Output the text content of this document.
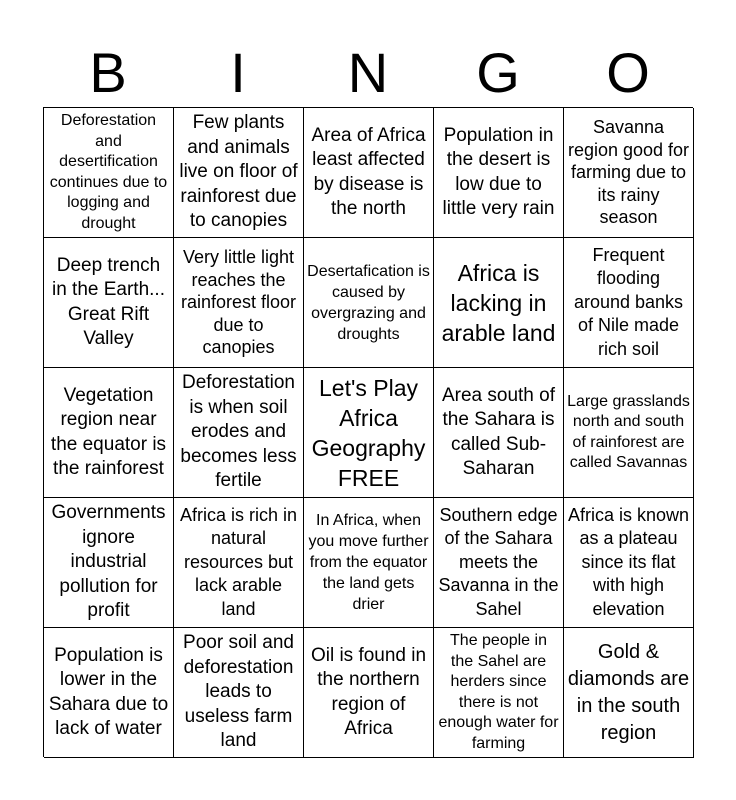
B	I	N	G	O
Deforestation and desertification continues due to logging and drought
Few plants and animals live on floor of rainforest due to canopies
Area of Africa least affected by disease is the north
Population in the desert is low due to little very rain
Savanna region good for farming due to its rainy season
Deep trench in the Earth... Great Rift Valley
Very little light reaches the rainforest floor due to canopies
Desertafication is caused by overgrazing and droughts
Africa is lacking in arable land
Frequent flooding around banks of Nile made rich soil
Vegetation region near the equator is the rainforest
Deforestation is when soil erodes and becomes less fertile
Let's Play Africa Geography FREE
Area south of the Sahara is called Sub-Saharan
Large grasslands north and south of rainforest are called Savannas
Governments ignore industrial pollution for profit
Africa is rich in natural resources but lack arable land
In Africa, when you move further from the equator the land gets drier
Southern edge of the Sahara meets the Savanna in the Sahel
Africa is known as a plateau since its flat with high elevation
Population is lower in the Sahara due to lack of water
Poor soil and deforestation leads to useless farm land
Oil is found in the northern region of Africa
The people in the Sahel are herders since there is not enough water for farming
Gold & diamonds are in the south region
